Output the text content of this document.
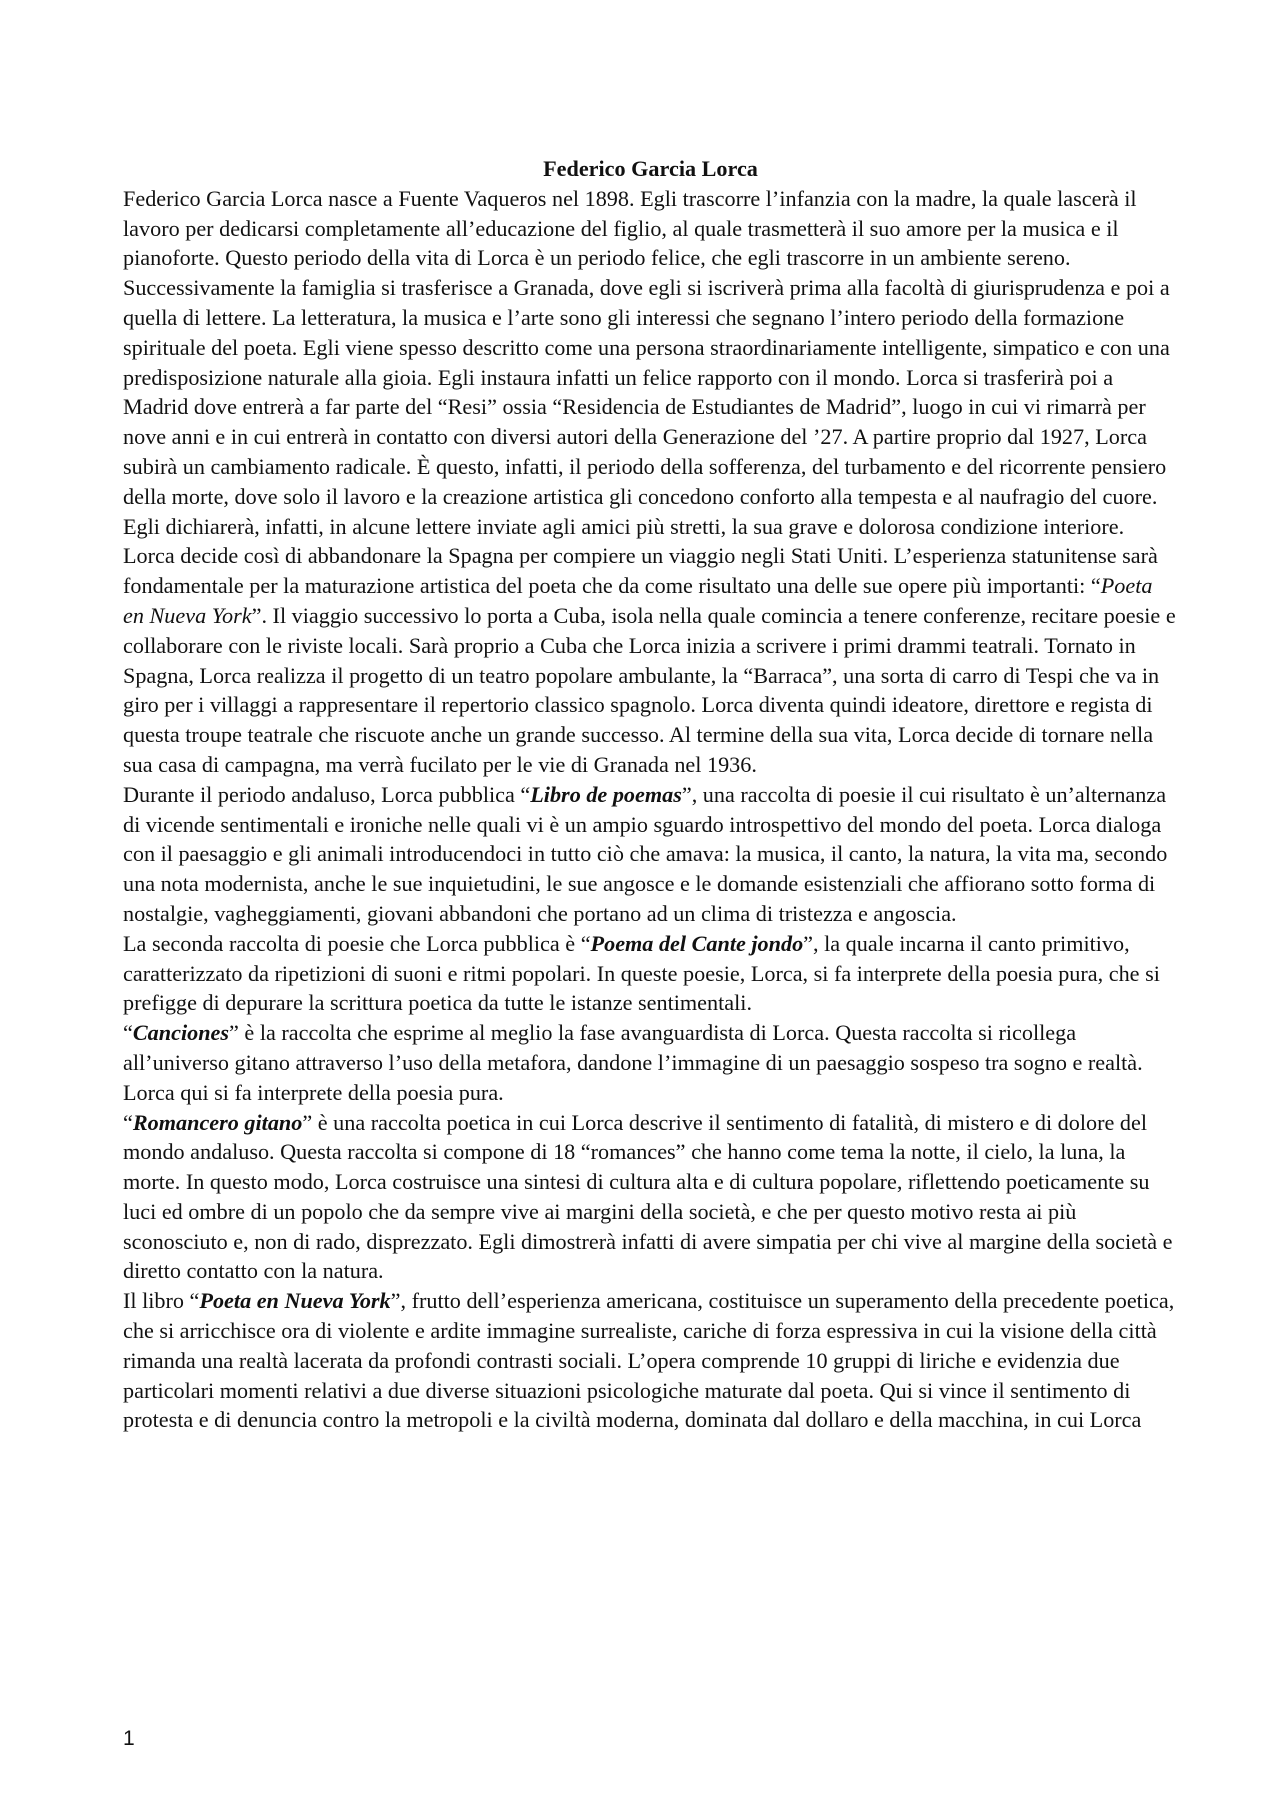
Federico Garcia Lorca

Federico Garcia Lorca nasce a Fuente Vaqueros nel 1898. Egli trascorre l’infanzia con la madre, la quale lascerà il lavoro per dedicarsi completamente all’educazione del figlio, al quale trasmetterà il suo amore per la musica e il pianoforte. Questo periodo della vita di Lorca è un periodo felice, che egli trascorre in un ambiente sereno. Successivamente la famiglia si trasferisce a Granada, dove egli si iscriverà prima alla facoltà di giurisprudenza e poi a quella di lettere. La letteratura, la musica e l’arte sono gli interessi che segnano l’intero periodo della formazione spirituale del poeta. Egli viene spesso descritto come una persona straordinariamente intelligente, simpatico e con una predisposizione naturale alla gioia. Egli instaura infatti un felice rapporto con il mondo. Lorca si trasferirà poi a Madrid dove entrerà a far parte del “Resi” ossia “Residencia de Estudiantes de Madrid”, luogo in cui vi rimarrà per nove anni e in cui entrerà in contatto con diversi autori della Generazione del ’27. A partire proprio dal 1927, Lorca subirà un cambiamento radicale. È questo, infatti, il periodo della sofferenza, del turbamento e del ricorrente pensiero della morte, dove solo il lavoro e la creazione artistica gli concedono conforto alla tempesta e al naufragio del cuore. Egli dichiarerà, infatti, in alcune lettere inviate agli amici più stretti, la sua grave e dolorosa condizione interiore. Lorca decide così di abbandonare la Spagna per compiere un viaggio negli Stati Uniti. L’esperienza statunitense sarà fondamentale per la maturazione artistica del poeta che da come risultato una delle sue opere più importanti: “Poeta en Nueva York”. Il viaggio successivo lo porta a Cuba, isola nella quale comincia a tenere conferenze, recitare poesie e collaborare con le riviste locali. Sarà proprio a Cuba che Lorca inizia a scrivere i primi drammi teatrali. Tornato in Spagna, Lorca realizza il progetto di un teatro popolare ambulante, la “Barraca”, una sorta di carro di Tespi che va in giro per i villaggi a rappresentare il repertorio classico spagnolo. Lorca diventa quindi ideatore, direttore e regista di questa troupe teatrale che riscuote anche un grande successo. Al termine della sua vita, Lorca decide di tornare nella sua casa di campagna, ma verrà fucilato per le vie di Granada nel 1936.

Durante il periodo andaluso, Lorca pubblica “Libro de poemas”, una raccolta di poesie il cui risultato è un’alternanza di vicende sentimentali e ironiche nelle quali vi è un ampio sguardo introspettivo del mondo del poeta. Lorca dialoga con il paesaggio e gli animali introducendoci in tutto ciò che amava: la musica, il canto, la natura, la vita ma, secondo una nota modernista, anche le sue inquietudini, le sue angosce e le domande esistenziali che affiorano sotto forma di nostalgie, vagheggiamenti, giovani abbandoni che portano ad un clima di tristezza e angoscia.

La seconda raccolta di poesie che Lorca pubblica è “Poema del Cante jondo”, la quale incarna il canto primitivo, caratterizzato da ripetizioni di suoni e ritmi popolari. In queste poesie, Lorca, si fa interprete della poesia pura, che si prefigge di depurare la scrittura poetica da tutte le istanze sentimentali.

“Canciones” è la raccolta che esprime al meglio la fase avanguardista di Lorca. Questa raccolta si ricollega all’universo gitano attraverso l’uso della metafora, dandone l’immagine di un paesaggio sospeso tra sogno e realtà. Lorca qui si fa interprete della poesia pura.

“Romancero gitano” è una raccolta poetica in cui Lorca descrive il sentimento di fatalità, di mistero e di dolore del mondo andaluso. Questa raccolta si compone di 18 “romances” che hanno come tema la notte, il cielo, la luna, la morte. In questo modo, Lorca costruisce una sintesi di cultura alta e di cultura popolare, riflettendo poeticamente su luci ed ombre di un popolo che da sempre vive ai margini della società, e che per questo motivo resta ai più sconosciuto e, non di rado, disprezzato. Egli dimostrerà infatti di avere simpatia per chi vive al margine della società e diretto contatto con la natura.

Il libro “Poeta en Nueva York”, frutto dell’esperienza americana, costituisce un superamento della precedente poetica, che si arricchisce ora di violente e ardite immagine surrealiste, cariche di forza espressiva in cui la visione della città rimanda una realtà lacerata da profondi contrasti sociali. L’opera comprende 10 gruppi di liriche e evidenzia due particolari momenti relativi a due diverse situazioni psicologiche maturate dal poeta. Qui si vince il sentimento di protesta e di denuncia contro la metropoli e la civiltà moderna, dominata dal dollaro e della macchina, in cui Lorca

1
